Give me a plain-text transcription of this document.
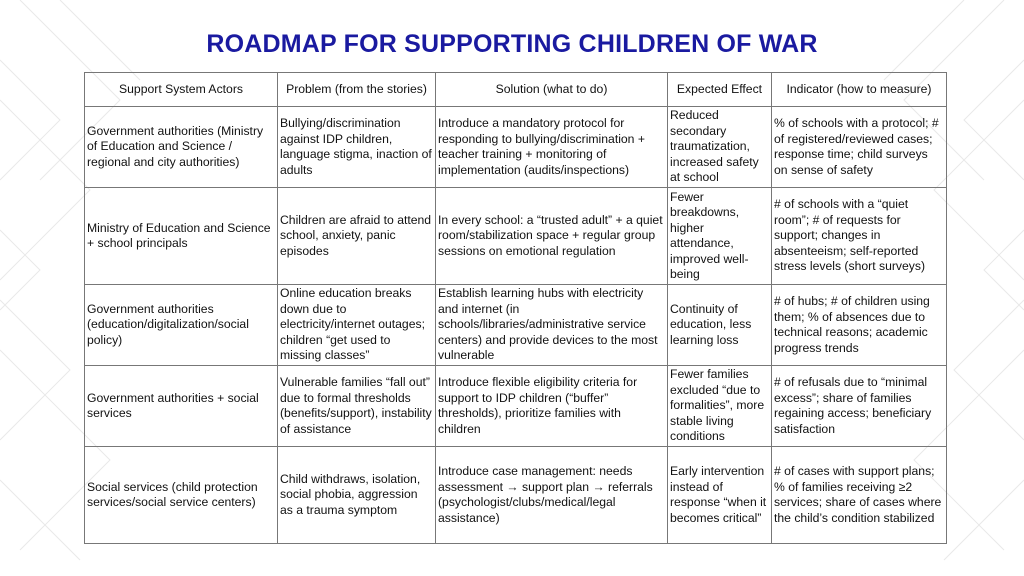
ROADMAP FOR SUPPORTING CHILDREN OF WAR
Support System Actors	Problem (from the stories)	Solution (what to do)	Expected Effect	Indicator (how to measure)
Government authorities (Ministry of Education and Science / regional and city authorities)	Bullying/discrimination against IDP children, language stigma, inaction of adults	Introduce a mandatory protocol for responding to bullying/discrimination + teacher training + monitoring of implementation (audits/inspections)	Reduced secondary traumatization, increased safety at school	% of schools with a protocol; # of registered/reviewed cases; response time; child surveys on sense of safety
Ministry of Education and Science + school principals	Children are afraid to attend school, anxiety, panic episodes	In every school: a “trusted adult” + a quiet room/stabilization space + regular group sessions on emotional regulation	Fewer breakdowns, higher attendance, improved well-being	# of schools with a “quiet room”; # of requests for support; changes in absenteeism; self-reported stress levels (short surveys)
Government authorities (education/digitalization/social policy)	Online education breaks down due to electricity/internet outages; children “get used to missing classes”	Establish learning hubs with electricity and internet (in schools/libraries/administrative service centers) and provide devices to the most vulnerable	Continuity of education, less learning loss	# of hubs; # of children using them; % of absences due to technical reasons; academic progress trends
Government authorities + social services	Vulnerable families “fall out” due to formal thresholds (benefits/support), instability of assistance	Introduce flexible eligibility criteria for support to IDP children (“buffer” thresholds), prioritize families with children	Fewer families excluded “due to formalities”, more stable living conditions	# of refusals due to “minimal excess”; share of families regaining access; beneficiary satisfaction
Social services (child protection services/social service centers)	Child withdraws, isolation, social phobia, aggression as a trauma symptom	Introduce case management: needs assessment → support plan → referrals (psychologist/clubs/medical/legal assistance)	Early intervention instead of response “when it becomes critical”	# of cases with support plans; % of families receiving ≥2 services; share of cases where the child’s condition stabilized
